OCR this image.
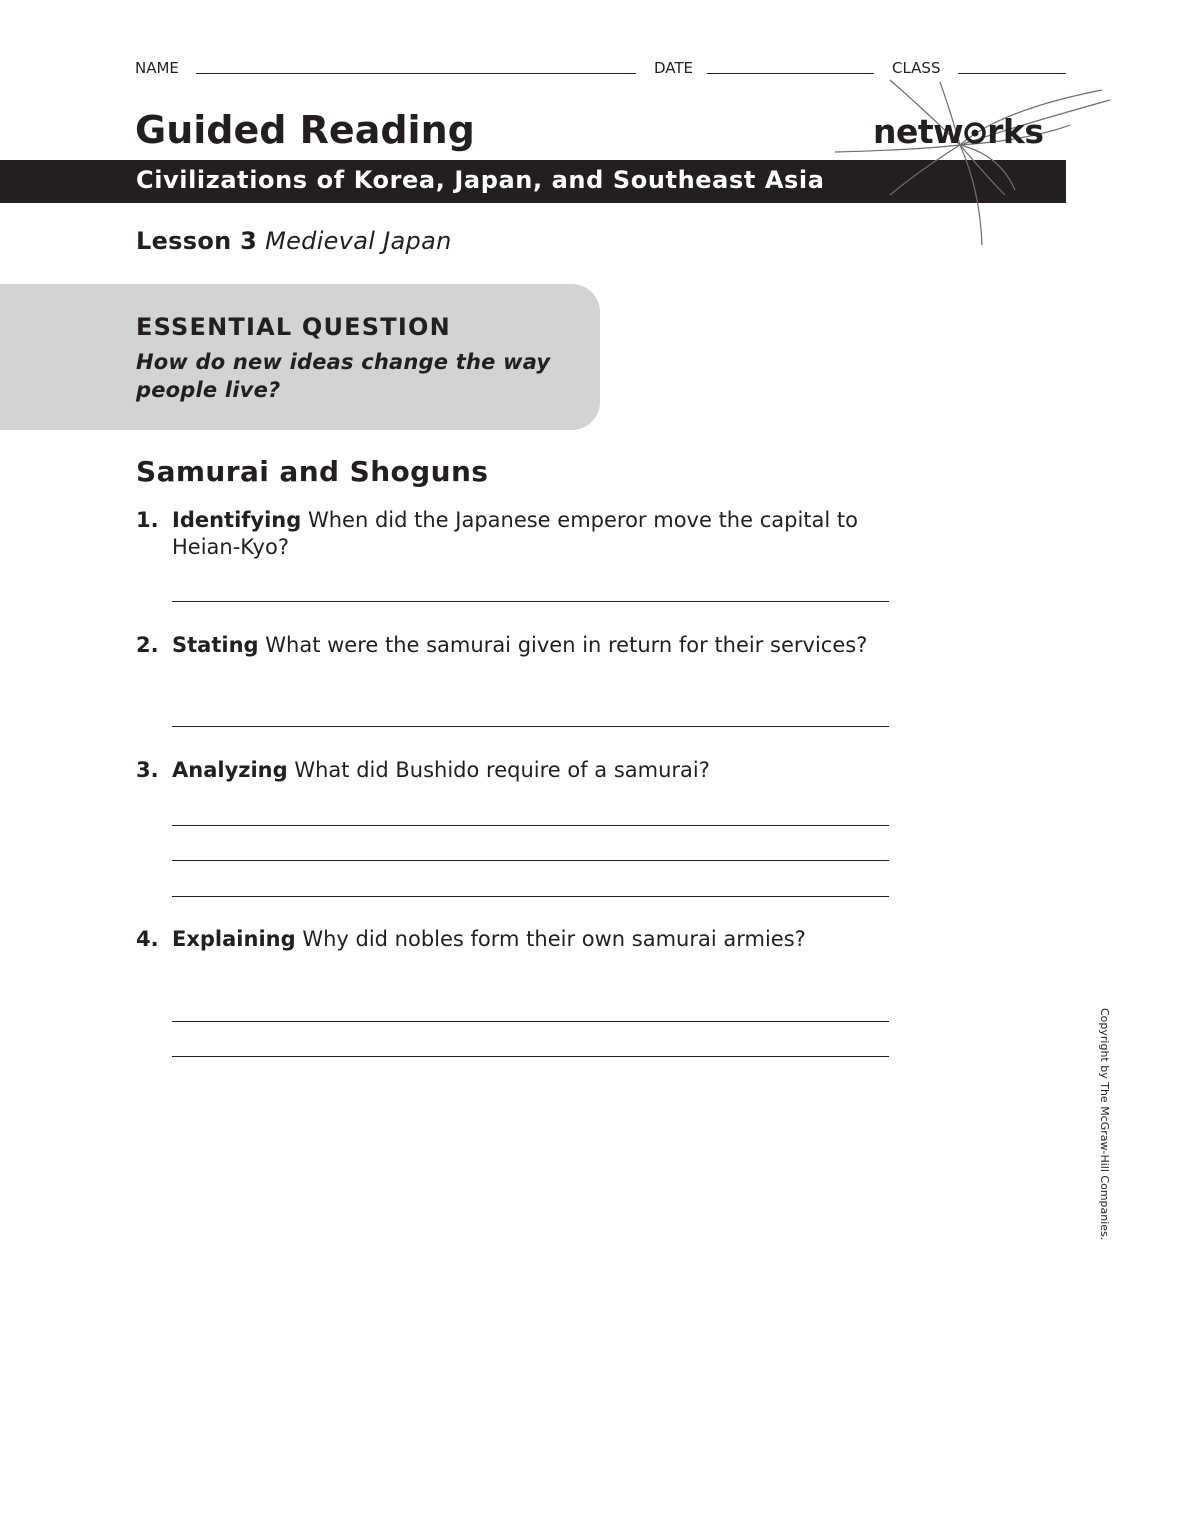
NAME	DATE	CLASS
Guided Reading
Civilizations of Korea, Japan, and Southeast Asia
netw rks
Lesson 3 Medieval Japan
ESSENTIAL QUESTION
How do new ideas change the way people live?
Samurai and Shoguns
1. Identifying When did the Japanese emperor move the capital to Heian-Kyo?
2. Stating What were the samurai given in return for their services?
3. Analyzing What did Bushido require of a samurai?
4. Explaining Why did nobles form their own samurai armies?
Copyright by The McGraw-Hill Companies.
